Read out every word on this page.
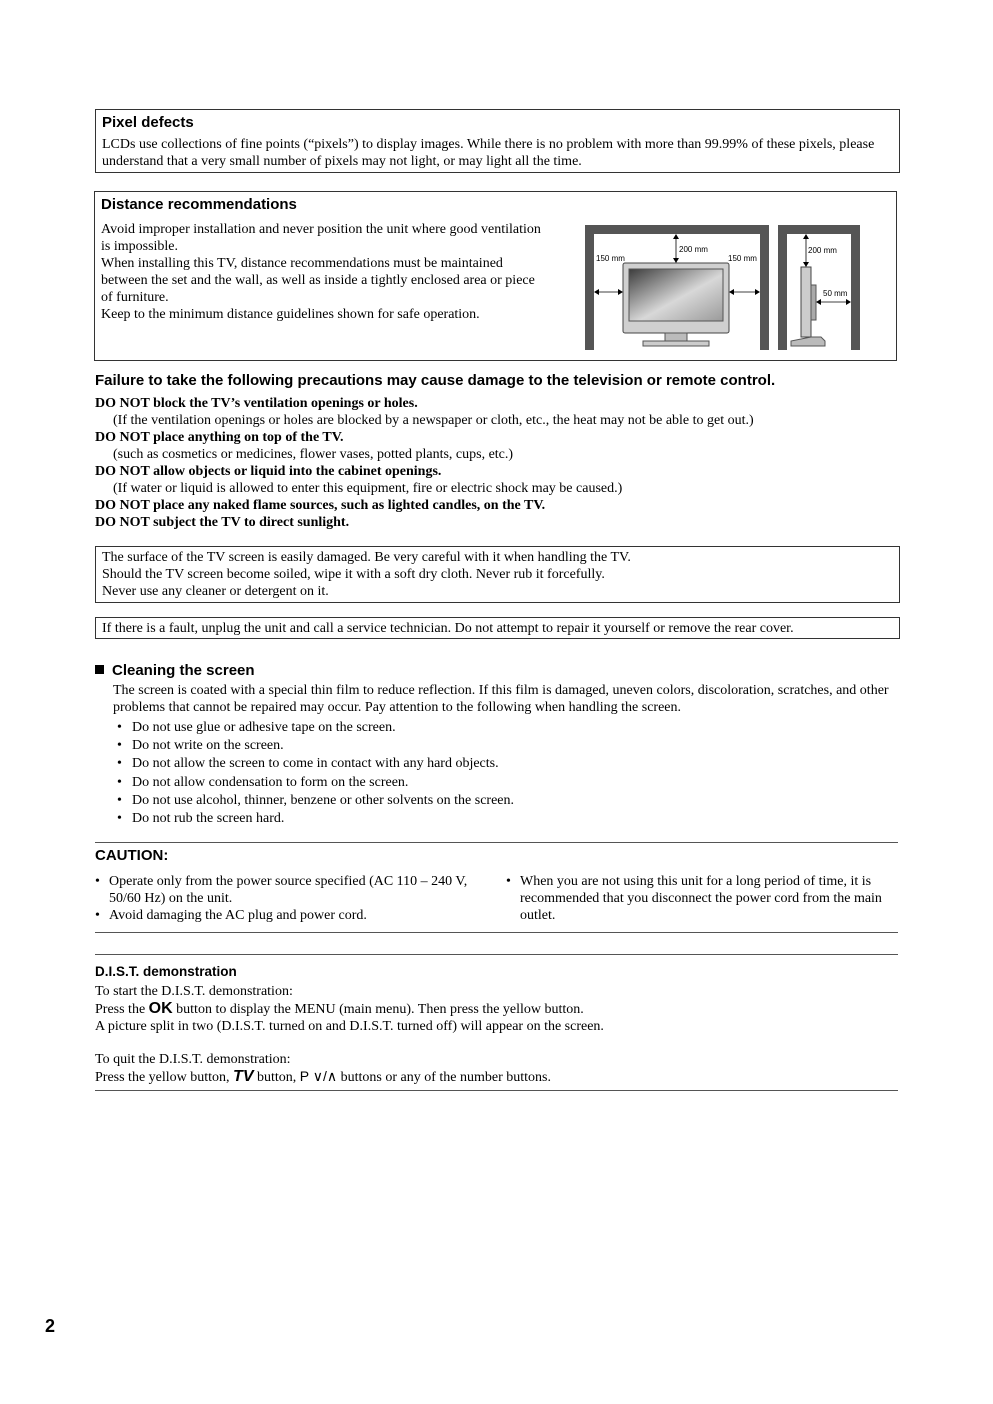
Pixel defects

LCDs use collections of fine points (“pixels”) to display images. While there is no problem with more than 99.99% of these pixels, please understand that a very small number of pixels may not light, or may light all the time.

Distance recommendations

Avoid improper installation and never position the unit where good ventilation is impossible.

When installing this TV, distance recommendations must be maintained between the set and the wall, as well as inside a tightly enclosed area or piece of furniture.

Keep to the minimum distance guidelines shown for safe operation.

150 mm
200 mm
150 mm
200 mm
50 mm
Failure to take the following precautions may cause damage to the television or remote control.

DO NOT block the TV’s ventilation openings or holes.

(If the ventilation openings or holes are blocked by a newspaper or cloth, etc., the heat may not be able to get out.)

DO NOT place anything on top of the TV.

(such as cosmetics or medicines, flower vases, potted plants, cups, etc.)

DO NOT allow objects or liquid into the cabinet openings.

(If water or liquid is allowed to enter this equipment, fire or electric shock may be caused.)

DO NOT place any naked flame sources, such as lighted candles, on the TV.

DO NOT subject the TV to direct sunlight.

The surface of the TV screen is easily damaged. Be very careful with it when handling the TV.

Should the TV screen become soiled, wipe it with a soft dry cloth. Never rub it forcefully.

Never use any cleaner or detergent on it.

If there is a fault, unplug the unit and call a service technician. Do not attempt to repair it yourself or remove the rear cover.

Cleaning the screen

The screen is coated with a special thin film to reduce reflection. If this film is damaged, uneven colors, discoloration, scratches, and other problems that cannot be repaired may occur. Pay attention to the following when handling the screen.

• Do not use glue or adhesive tape on the screen.
• Do not write on the screen.
• Do not allow the screen to come in contact with any hard objects.
• Do not allow condensation to form on the screen.
• Do not use alcohol, thinner, benzene or other solvents on the screen.
• Do not rub the screen hard.
CAUTION:
• Operate only from the power source specified (AC 110 – 240 V, 50/60 Hz) on the unit.
• Avoid damaging the AC plug and power cord.
• When you are not using this unit for a long period of time, it is recommended that you disconnect the power cord from the main outlet.
D.I.S.T. demonstration

To start the D.I.S.T. demonstration:

Press the OK button to display the MENU (main menu). Then press the yellow button.

A picture split in two (D.I.S.T. turned on and D.I.S.T. turned off) will appear on the screen.

To quit the D.I.S.T. demonstration:

Press the yellow button, TV button, P ∨/∧ buttons or any of the number buttons.

2
